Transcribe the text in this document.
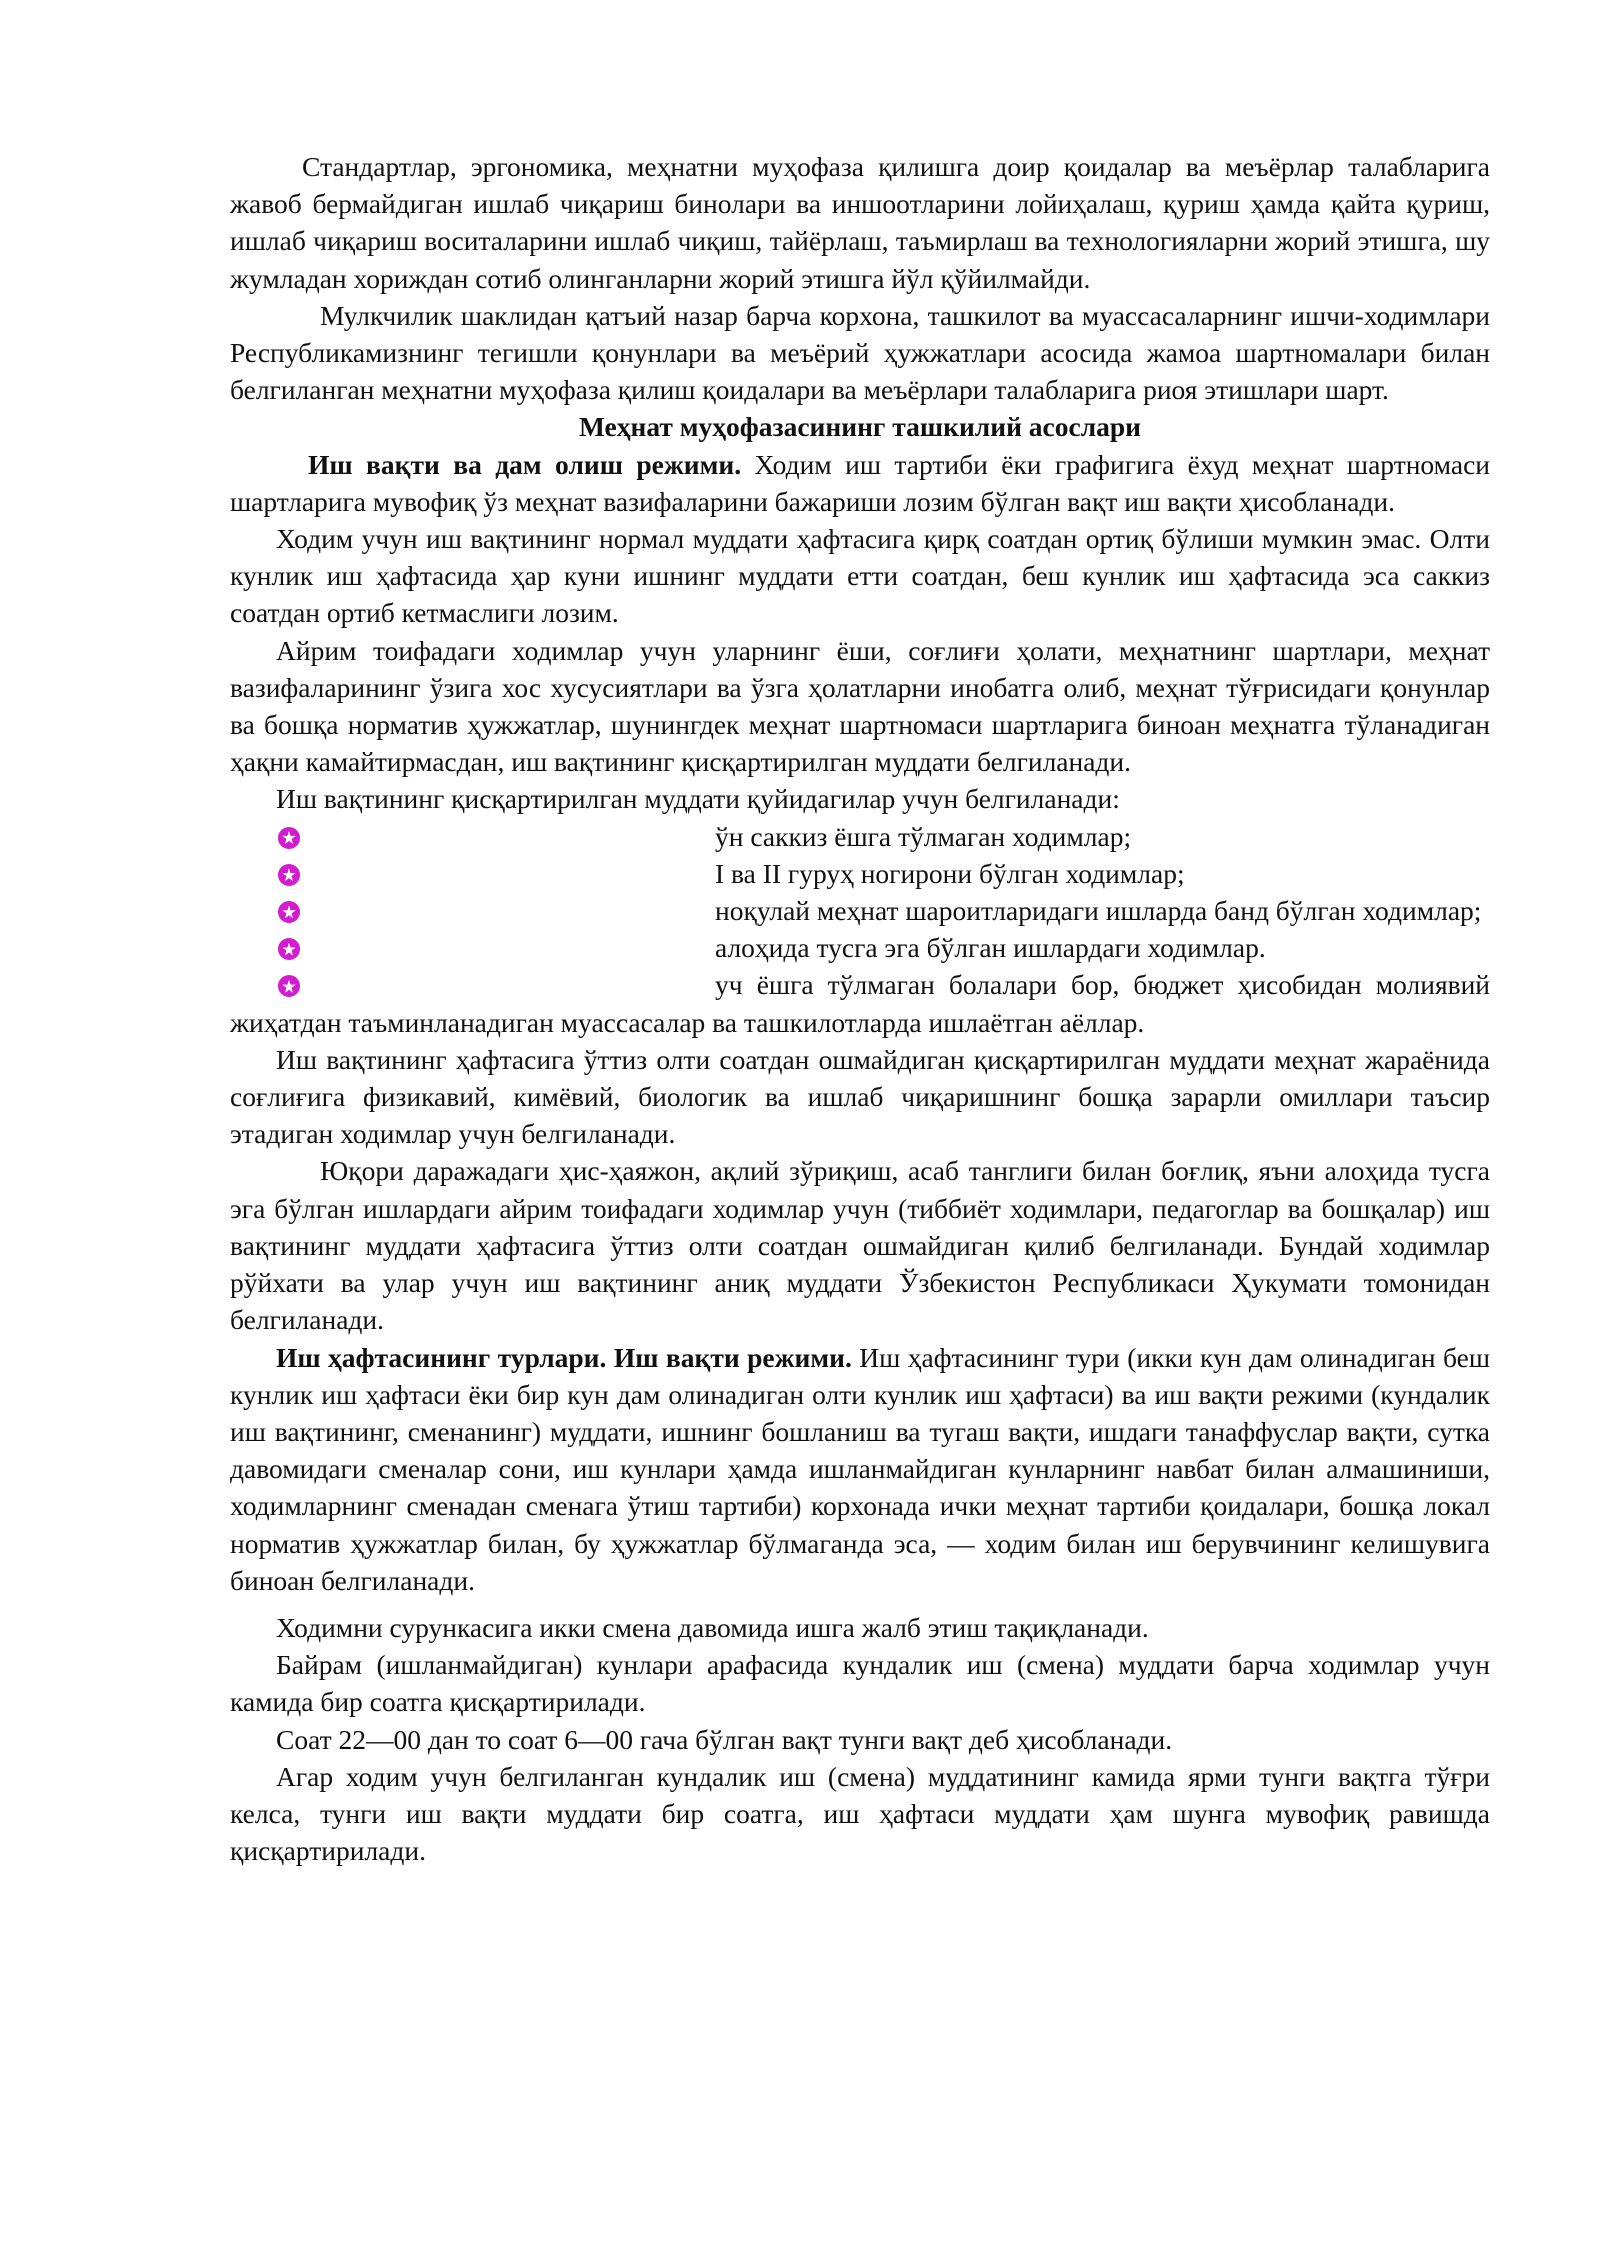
Стандартлар, эргономика, меҳнатни муҳофаза қилишга доир қоидалар ва меъёрлар талабларига жавоб бермайдиган ишлаб чиқариш бинолари ва иншоотларини лойиҳалаш, қуриш ҳамда қайта қуриш, ишлаб чиқариш воситаларини ишлаб чиқиш, тайёрлаш, таъмирлаш ва технологияларни жорий этишга, шу жумладан хориждан сотиб олинганларни жорий этишга йўл қўйилмайди.

Мулкчилик шаклидан қатъий назар барча корхона, ташкилот ва муассасаларнинг ишчи-ходимлари Республикамизнинг тегишли қонунлари ва меъёрий ҳужжатлари асосида жамоа шартномалари билан белгиланган меҳнатни муҳофаза қилиш қоидалари ва меъёрлари талабларига риоя этишлари шарт.

Меҳнат муҳофазасининг ташкилий асослари

Иш вақти ва дам олиш режими. Ходим иш тартиби ёки графигига ёхуд меҳнат шартномаси шартларига мувофиқ ўз меҳнат вазифаларини бажариши лозим бўлган вақт иш вақти ҳисобланади.

Ходим учун иш вақтининг нормал муддати ҳафтасига қирқ соатдан ортиқ бўлиши мумкин эмас. Олти кунлик иш ҳафтасида ҳар куни ишнинг муддати етти соатдан, беш кунлик иш ҳафтасида эса саккиз соатдан ортиб кетмаслиги лозим.

Айрим тоифадаги ходимлар учун уларнинг ёши, соғлиғи ҳолати, меҳнатнинг шартлари, меҳнат вазифаларининг ўзига хос хусусиятлари ва ўзга ҳолатларни инобатга олиб, меҳнат тўғрисидаги қонунлар ва бошқа норматив ҳужжатлар, шунингдек меҳнат шартномаси шартларига биноан меҳнатга тўланадиган ҳақни камайтирмасдан, иш вақтининг қисқартирилган муддати белгиланади.

Иш вақтининг қисқартирилган муддати қуйидагилар учун белгиланади:

ўн саккиз ёшга тўлмаган ходимлар;

I ва II гуруҳ ногирони бўлган ходимлар;

ноқулай меҳнат шароитларидаги ишларда банд бўлган ходимлар;

алоҳида тусга эга бўлган ишлардаги ходимлар.

уч ёшга тўлмаган болалари бор, бюджет ҳисобидан молиявий жиҳатдан таъминланадиган муассасалар ва ташкилотларда ишлаётган аёллар.

Иш вақтининг ҳафтасига ўттиз олти соатдан ошмайдиган қисқартирилган муддати меҳнат жараёнида соғлиғига физикавий, кимёвий, биологик ва ишлаб чиқаришнинг бошқа зарарли омиллари таъсир этадиган ходимлар учун белгиланади.

Юқори даражадаги ҳис-ҳаяжон, ақлий зўриқиш, асаб танглиги билан боғлиқ, яъни алоҳида тусга эга бўлган ишлардаги айрим тоифадаги ходимлар учун (тиббиёт ходимлари, педагоглар ва бошқалар) иш вақтининг муддати ҳафтасига ўттиз олти соатдан ошмайдиган қилиб белгиланади. Бундай ходимлар рўйхати ва улар учун иш вақтининг аниқ муддати Ўзбекистон Республикаси Ҳукумати томонидан белгиланади.

Иш ҳафтасининг турлари. Иш вақти режими. Иш ҳафтасининг тури (икки кун дам олинадиган беш кунлик иш ҳафтаси ёки бир кун дам олинадиган олти кунлик иш ҳафтаси) ва иш вақти режими (кундалик иш вақтининг, сменанинг) муддати, ишнинг бошланиш ва тугаш вақти, ишдаги танаффуслар вақти, сутка давомидаги сменалар сони, иш кунлари ҳамда ишланмайдиган кунларнинг навбат билан алмашиниши, ходимларнинг сменадан сменага ўтиш тартиби) корхонада ички меҳнат тартиби қоидалари, бошқа локал норматив ҳужжатлар билан, бу ҳужжатлар бўлмаганда эса, — ходим билан иш берувчининг келишувига биноан белгиланади.

Ходимни сурункасига икки смена давомида ишга жалб этиш тақиқланади.

Байрам (ишланмайдиган) кунлари арафасида кундалик иш (смена) муддати барча ходимлар учун камида бир соатга қисқартирилади.

Соат 22—00 дан то соат 6—00 гача бўлган вақт тунги вақт деб ҳисобланади.

Агар ходим учун белгиланган кундалик иш (смена) муддатининг камида ярми тунги вақтга тўғри келса, тунги иш вақти муддати бир соатга, иш ҳафтаси муддати ҳам шунга мувофиқ равишда қисқартирилади.
